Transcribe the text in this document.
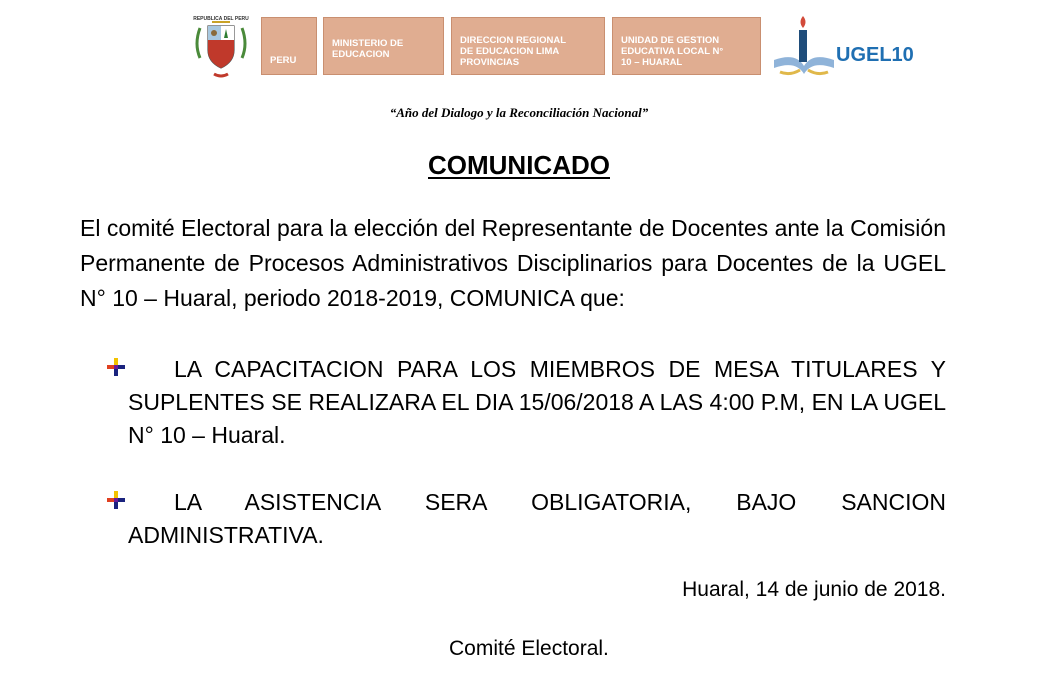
REPUBLICA DEL PERU
PERU
MINISTERIO DE
EDUCACION
DIRECCION REGIONAL
DE EDUCACION LIMA
PROVINCIAS
UNIDAD DE GESTION
EDUCATIVA LOCAL N°
10 – HUARAL	UGEL10
“Año del Dialogo y la Reconciliación Nacional”
COMUNICADO
El comité Electoral para la elección del Representante de Docentes ante la Comisión Permanente de Procesos Administrativos Disciplinarios para Docentes de la UGEL N° 10 – Huaral, periodo 2018-2019, COMUNICA que:
LA CAPACITACION PARA LOS MIEMBROS DE MESA TITULARES Y SUPLENTES SE REALIZARA EL DIA 15/06/2018 A LAS 4:00 P.M, EN LA UGEL N° 10 – Huaral.
LA ASISTENCIA SERA OBLIGATORIA, BAJO SANCION ADMINISTRATIVA.
Huaral, 14 de junio de 2018.
Comité Electoral.
